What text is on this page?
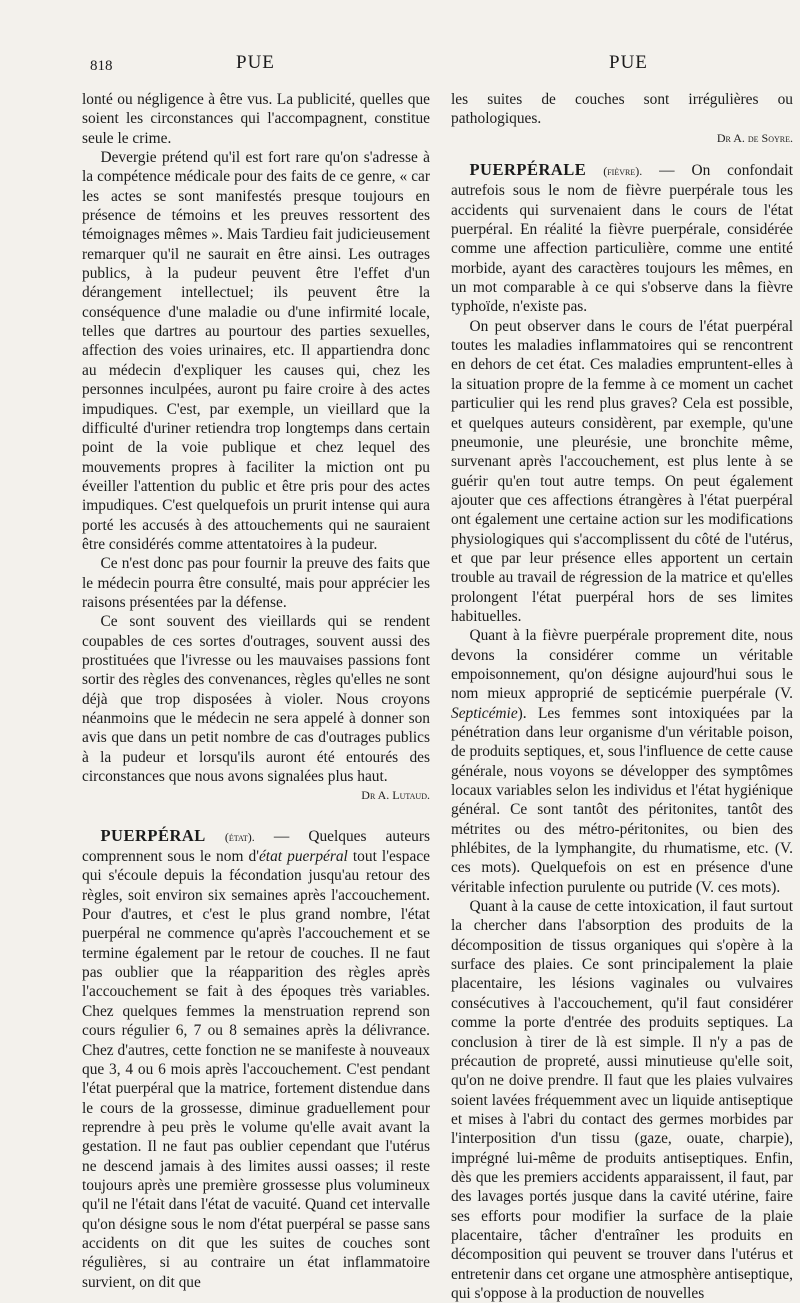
818	PUE	PUE

lonté ou négligence à être vus. La publicité, quelles que soient les circonstances qui l'accompagnent, constitue seule le crime.

Devergie prétend qu'il est fort rare qu'on s'adresse à la compétence médicale pour des faits de ce genre, « car les actes se sont manifestés presque toujours en présence de témoins et les preuves ressortent des témoignages mêmes ». Mais Tardieu fait judicieusement remarquer qu'il ne saurait en être ainsi. Les outrages publics, à la pudeur peuvent être l'effet d'un dérangement intellectuel; ils peuvent être la conséquence d'une maladie ou d'une infirmité locale, telles que dartres au pourtour des parties sexuelles, affection des voies urinaires, etc. Il appartiendra donc au médecin d'expliquer les causes qui, chez les personnes inculpées, auront pu faire croire à des actes impudiques. C'est, par exemple, un vieillard que la difficulté d'uriner retiendra trop longtemps dans certain point de la voie publique et chez lequel des mouvements propres à faciliter la miction ont pu éveiller l'attention du public et être pris pour des actes impudiques. C'est quelquefois un prurit intense qui aura porté les accusés à des attouchements qui ne sauraient être considérés comme attentatoires à la pudeur.

Ce n'est donc pas pour fournir la preuve des faits que le médecin pourra être consulté, mais pour apprécier les raisons présentées par la défense.

Ce sont souvent des vieillards qui se rendent coupables de ces sortes d'outrages, souvent aussi des prostituées que l'ivresse ou les mauvaises passions font sortir des règles des convenances, règles qu'elles ne sont déjà que trop disposées à violer. Nous croyons néanmoins que le médecin ne sera appelé à donner son avis que dans un petit nombre de cas d'outrages publics à la pudeur et lorsqu'ils auront été entourés des circonstances que nous avons signalées plus haut.

Dr A. Lutaud.

PUERPÉRAL (état). — Quelques auteurs comprennent sous le nom d'état puerpéral tout l'espace qui s'écoule depuis la fécondation jusqu'au retour des règles, soit environ six semaines après l'accouchement. Pour d'autres, et c'est le plus grand nombre, l'état puerpéral ne commence qu'après l'accouchement et se termine également par le retour de couches. Il ne faut pas oublier que la réapparition des règles après l'accouchement se fait à des époques très variables. Chez quelques femmes la menstruation reprend son cours régulier 6, 7 ou 8 semaines après la délivrance. Chez d'autres, cette fonction ne se manifeste à nouveaux que 3, 4 ou 6 mois après l'accouchement. C'est pendant l'état puerpéral que la matrice, fortement distendue dans le cours de la grossesse, diminue graduellement pour reprendre à peu près le volume qu'elle avait avant la gestation. Il ne faut pas oublier cependant que l'utérus ne descend jamais à des limites aussi oasses; il reste toujours après une première grossesse plus volumineux qu'il ne l'était dans l'état de vacuité. Quand cet intervalle qu'on désigne sous le nom d'état puerpéral se passe sans accidents on dit que les suites de couches sont régulières, si au contraire un état inflammatoire survient, on dit que

les suites de couches sont irrégulières ou pathologiques.

Dr A. de Soyre.

PUERPÉRALE (fièvre). — On confondait autrefois sous le nom de fièvre puerpérale tous les accidents qui survenaient dans le cours de l'état puerpéral. En réalité la fièvre puerpérale, considérée comme une affection particulière, comme une entité morbide, ayant des caractères toujours les mêmes, en un mot comparable à ce qui s'observe dans la fièvre typhoïde, n'existe pas.

On peut observer dans le cours de l'état puerpéral toutes les maladies inflammatoires qui se rencontrent en dehors de cet état. Ces maladies empruntent-elles à la situation propre de la femme à ce moment un cachet particulier qui les rend plus graves? Cela est possible, et quelques auteurs considèrent, par exemple, qu'une pneumonie, une pleurésie, une bronchite même, survenant après l'accouchement, est plus lente à se guérir qu'en tout autre temps. On peut également ajouter que ces affections étrangères à l'état puerpéral ont également une certaine action sur les modifications physiologiques qui s'accomplissent du côté de l'utérus, et que par leur présence elles apportent un certain trouble au travail de régression de la matrice et qu'elles prolongent l'état puerpéral hors de ses limites habituelles.

Quant à la fièvre puerpérale proprement dite, nous devons la considérer comme un véritable empoisonnement, qu'on désigne aujourd'hui sous le nom mieux approprié de septicémie puerpérale (V. Septicémie). Les femmes sont intoxiquées par la pénétration dans leur organisme d'un véritable poison, de produits septiques, et, sous l'influence de cette cause générale, nous voyons se développer des symptômes locaux variables selon les individus et l'état hygiénique général. Ce sont tantôt des péritonites, tantôt des métrites ou des métro-péritonites, ou bien des phlébites, de la lymphangite, du rhumatisme, etc. (V. ces mots). Quelquefois on est en présence d'une véritable infection purulente ou putride (V. ces mots).

Quant à la cause de cette intoxication, il faut surtout la chercher dans l'absorption des produits de la décomposition de tissus organiques qui s'opère à la surface des plaies. Ce sont principalement la plaie placentaire, les lésions vaginales ou vulvaires consécutives à l'accouchement, qu'il faut considérer comme la porte d'entrée des produits septiques. La conclusion à tirer de là est simple. Il n'y a pas de précaution de propreté, aussi minutieuse qu'elle soit, qu'on ne doive prendre. Il faut que les plaies vulvaires soient lavées fréquemment avec un liquide antiseptique et mises à l'abri du contact des germes morbides par l'interposition d'un tissu (gaze, ouate, charpie), imprégné lui-même de produits antiseptiques. Enfin, dès que les premiers accidents apparaissent, il faut, par des lavages portés jusque dans la cavité utérine, faire ses efforts pour modifier la surface de la plaie placentaire, tâcher d'entraîner les produits en décomposition qui peuvent se trouver dans l'utérus et entretenir dans cet organe une atmosphère antiseptique, qui s'oppose à la production de nouvelles
